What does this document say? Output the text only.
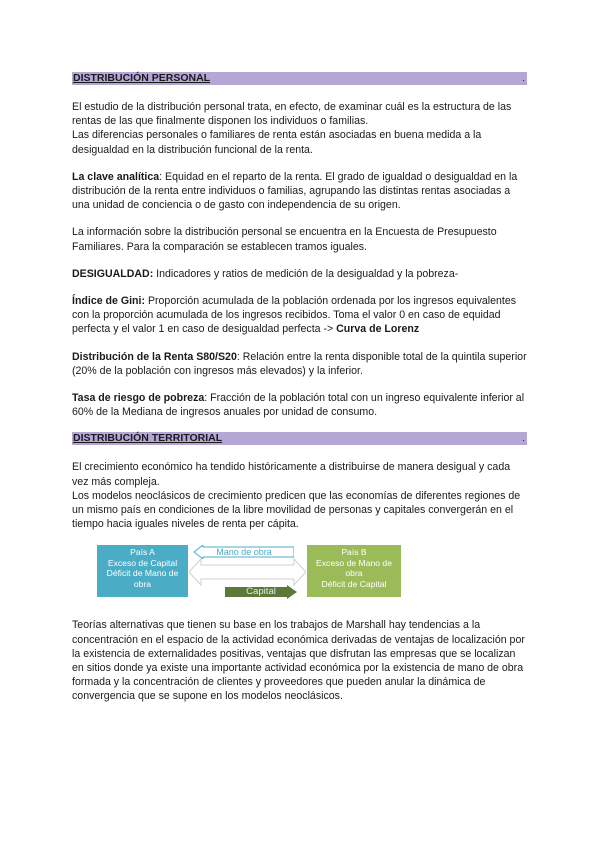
DISTRIBUCIÓN PERSONAL	.

El estudio de la distribución personal trata, en efecto, de examinar cuál es la estructura de las rentas de las que finalmente disponen los individuos o familias.

Las diferencias personales o familiares de renta están asociadas en buena medida a la desigualdad en la distribución funcional de la renta.

La clave analítica: Equidad en el reparto de la renta. El grado de igualdad o desigualdad en la distribución de la renta entre individuos o familias, agrupando las distintas rentas asociadas a una unidad de conciencia o de gasto con independencia de su origen.

La información sobre la distribución personal se encuentra en la Encuesta de Presupuesto Familiares. Para la comparación se establecen tramos iguales.

DESIGUALDAD: Indicadores y ratios de medición de la desigualdad y la pobreza-

Índice de Gini: Proporción acumulada de la población ordenada por los ingresos equivalentes con la proporción acumulada de los ingresos recibidos. Toma el valor 0 en caso de equidad perfecta y el valor 1 en caso de desigualdad perfecta -> Curva de Lorenz

Distribución de la Renta S80/S20: Relación entre la renta disponible total de la quintila superior (20% de la población con ingresos más elevados) y la inferior.

Tasa de riesgo de pobreza: Fracción de la población total con un ingreso equivalente inferior al 60% de la Mediana de ingresos anuales por unidad de consumo.

DISTRIBUCIÓN TERRITORIAL	.

El crecimiento económico ha tendido históricamente a distribuirse de manera desigual y cada vez más compleja.

Los modelos neoclásicos de crecimiento predicen que las economías de diferentes regiones de un mismo país en condiciones de la libre movilidad de personas y capitales convergerán en el tiempo hacia iguales niveles de renta per cápita.

País A
Exceso de Capital
Déficit de Mano de
obra
Mano de obra	País B
Exceso de Mano de
obra
Déficit de Capital
Capital

Teorías alternativas que tienen su base en los trabajos de Marshall hay tendencias a la concentración en el espacio de la actividad económica derivadas de ventajas de localización por la existencia de externalidades positivas, ventajas que disfrutan las empresas que se localizan en sitios donde ya existe una importante actividad económica por la existencia de mano de obra formada y la concentración de clientes y proveedores que pueden anular la dinámica de convergencia que se supone en los modelos neoclásicos.
